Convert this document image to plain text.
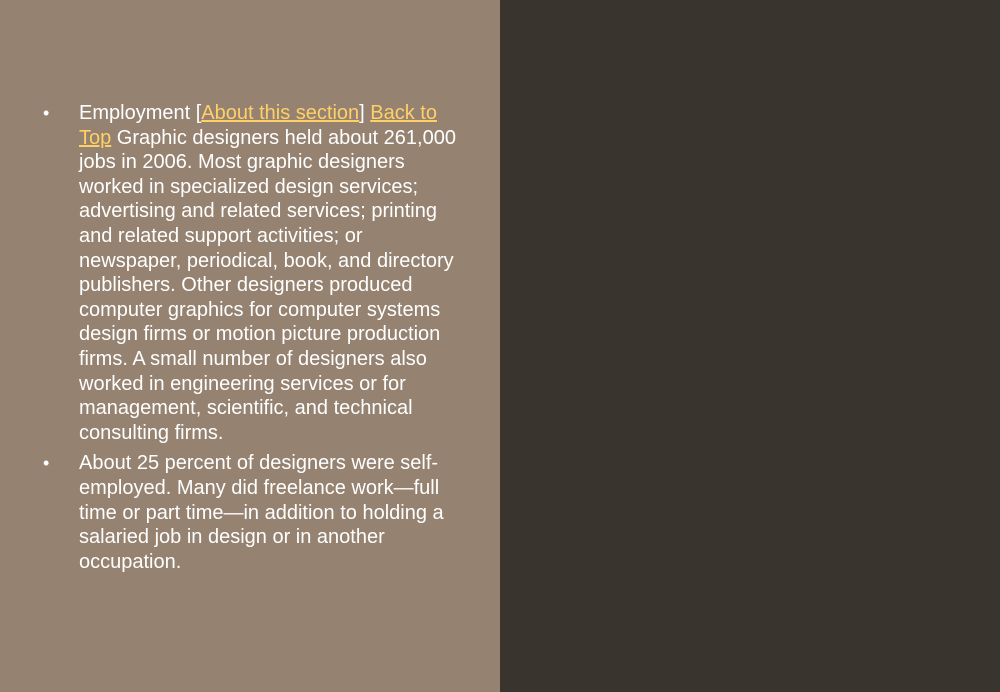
• Employment [About this section] Back to Top Graphic designers held about 261,000 jobs in 2006. Most graphic designers worked in specialized design services; advertising and related services; printing and related support activities; or newspaper, periodical, book, and directory publishers. Other designers produced computer graphics for computer systems design firms or motion picture production firms. A small number of designers also worked in engineering services or for management, scientific, and technical consulting firms.
• About 25 percent of designers were self-employed. Many did freelance work—full time or part time—in addition to holding a salaried job in design or in another occupation.
